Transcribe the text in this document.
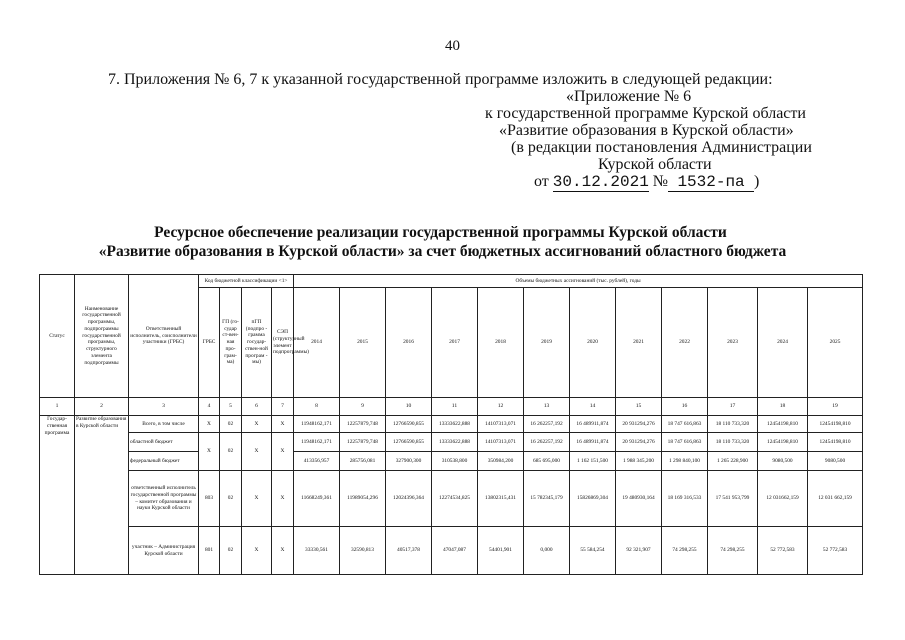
40
7. Приложения № 6, 7 к указанной государственной программе изложить в следующей редакции:
«Приложение № 6
к государственной программе Курской области
«Развитие образования в Курской области»
(в редакции постановления Администрации
Курской области
от 30.12.2021 № 1532-па )
Ресурсное обеспечение реализации государственной программы Курской области
«Развитие образования в Курской области» за счет бюджетных ассигнований областного бюджета
Статус	Наименование государственной программы, подпрограммы государственной программы, структурного элемента подпрограммы	Ответственный исполнитель, соисполнители участники (ГРБС)	Код бюджетной классификации <1>				Объемы бюджетных ассигнований (тыс. рублей), годы											
			ГРБС	ГП (го-судар ст-вен-ная про-грам-ма)	пГП (подпро - грамма государ-ствен-ной програм - мы)	СЭП (структурный элемент подпрограммы)	2014	2015	2016	2017	2018	2019	2020	2021	2022	2023	2024	2025
1	2	3	4	5	6	7	8	9	10	11	12	13	14	15	16	17	18	19
Государ-ственная программа	Развитие образования в Курской области	Всего, в том числе	Х	02	Х	Х	11948162,171	12257879,748	12766590,855	13333622,888	14107313,071	16 262257,192	16 489911,874	20 931294,276	18 747 616,863	18 110 733,320	12454198,810	12454198,810
		областной бюджет	Х	02	Х	Х	11948162,171	12257879,748	12766590,855	13333622,888	14107313,071	16 262257,192	16 489911,874	20 931294,276	18 747 616,863	18 110 733,320	12454198,810	12454198,810
		федеральный бюджет					413356,957	285756,081	327900,300	310538,800	350984,200	685 695,000	1 162 151,500	1 988 345,200	1 298 840,100	1 265 228,900	9080,500	9080,500
		ответственный исполнитель государственной программы – комитет образования и науки Курской области	803	02	Х	Х	11668249,361	11989054,296	12024396,364	12274534,825	13802315,431	15 782345,179	15826869,304	19 480930,164	18 169 316,533	17 541 953,799	12 031662,159	12 031 662,159
		участник – Администрация Курской области	801	02	Х	Х	33330,561	32590,813	40517,378	47047,087	54401,901	0,000	55 584,254	92 321,907	74 298,255	74 298,255	52 772,583	52 772,583
